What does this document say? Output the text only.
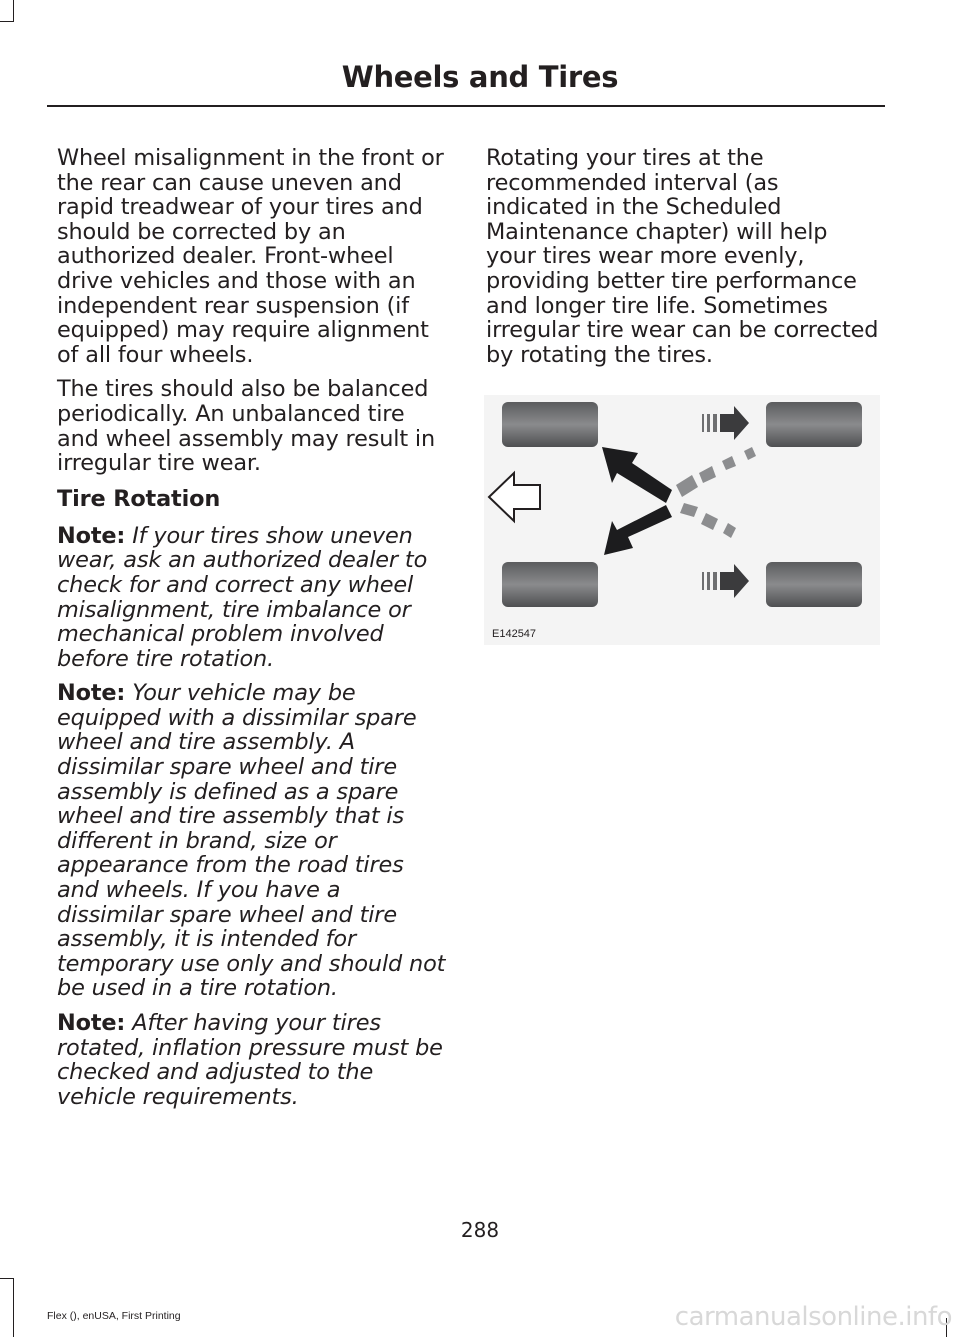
Wheels and Tires

Wheel misalignment in the front or the rear can cause uneven and rapid treadwear of your tires and should be corrected by an authorized dealer. Front-wheel drive vehicles and those with an independent rear suspension (if equipped) may require alignment of all four wheels.

The tires should also be balanced periodically. An unbalanced tire and wheel assembly may result in irregular tire wear.

Tire Rotation

Note: If your tires show uneven wear, ask an authorized dealer to check for and correct any wheel misalignment, tire imbalance or mechanical problem involved before tire rotation.

Note: Your vehicle may be equipped with a dissimilar spare wheel and tire assembly. A dissimilar spare wheel and tire assembly is defined as a spare wheel and tire assembly that is different in brand, size or appearance from the road tires and wheels. If you have a dissimilar spare wheel and tire assembly, it is intended for temporary use only and should not be used in a tire rotation.

Note: After having your tires rotated, inflation pressure must be checked and adjusted to the vehicle requirements.

Rotating your tires at the recommended interval (as indicated in the Scheduled Maintenance chapter) will help your tires wear more evenly, providing better tire performance and longer tire life. Sometimes irregular tire wear can be corrected by rotating the tires.

E142547

288

Flex (), enUSA, First Printing	carmanualsonline.info
